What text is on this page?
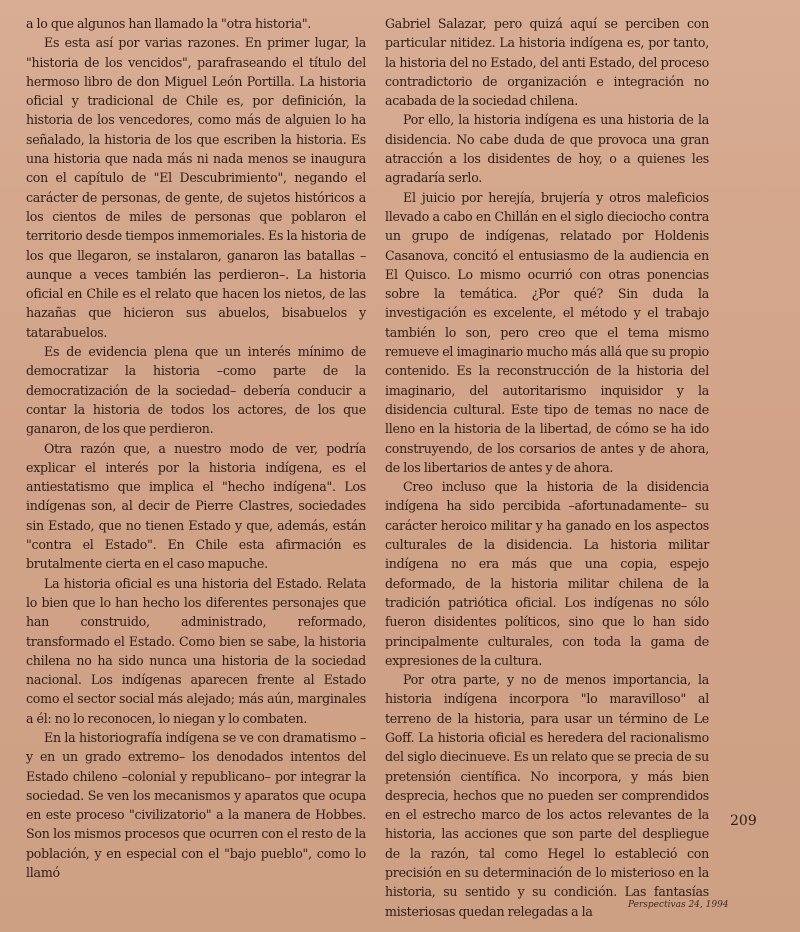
a lo que algunos han llamado la "otra historia".

Es esta así por varias razones. En primer lugar, la "historia de los vencidos", parafraseando el título del hermoso libro de don Miguel León Portilla. La historia oficial y tradicional de Chile es, por definición, la historia de los vencedores, como más de alguien lo ha señalado, la historia de los que escriben la historia. Es una historia que nada más ni nada menos se inaugura con el capítulo de "El Descubrimiento", negando el carácter de personas, de gente, de sujetos históricos a los cientos de miles de personas que poblaron el territorio desde tiempos inmemoriales. Es la historia de los que llegaron, se instalaron, ganaron las batallas –aunque a veces también las perdieron–. La historia oficial en Chile es el relato que hacen los nietos, de las hazañas que hicieron sus abuelos, bisabuelos y tatarabuelos.

Es de evidencia plena que un interés mínimo de democratizar la historia –como parte de la democratización de la sociedad– debería conducir a contar la historia de todos los actores, de los que ganaron, de los que perdieron.

Otra razón que, a nuestro modo de ver, podría explicar el interés por la historia indígena, es el antiestatismo que implica el "hecho indígena". Los indígenas son, al decir de Pierre Clastres, sociedades sin Estado, que no tienen Estado y que, además, están "contra el Estado". En Chile esta afirmación es brutalmente cierta en el caso mapuche.

La historia oficial es una historia del Estado. Relata lo bien que lo han hecho los diferentes personajes que han construido, administrado, reformado, transformado el Estado. Como bien se sabe, la historia chilena no ha sido nunca una historia de la sociedad nacional. Los indígenas aparecen frente al Estado como el sector social más alejado; más aún, marginales a él: no lo reconocen, lo niegan y lo combaten.

En la historiografía indígena se ve con dramatismo –y en un grado extremo– los denodados intentos del Estado chileno –colonial y republicano– por integrar la sociedad. Se ven los mecanismos y aparatos que ocupa en este proceso "civilizatorio" a la manera de Hobbes. Son los mismos procesos que ocurren con el resto de la población, y en especial con el "bajo pueblo", como lo llamó

Gabriel Salazar, pero quizá aquí se perciben con particular nitidez. La historia indígena es, por tanto, la historia del no Estado, del anti Estado, del proceso contradictorio de organización e integración no acabada de la sociedad chilena.

Por ello, la historia indígena es una historia de la disidencia. No cabe duda de que provoca una gran atracción a los disidentes de hoy, o a quienes les agradaría serlo.

El juicio por herejía, brujería y otros maleficios llevado a cabo en Chillán en el siglo dieciocho contra un grupo de indígenas, relatado por Holdenis Casanova, concitó el entusiasmo de la audiencia en El Quisco. Lo mismo ocurrió con otras ponencias sobre la temática. ¿Por qué? Sin duda la investigación es excelente, el método y el trabajo también lo son, pero creo que el tema mismo remueve el imaginario mucho más allá que su propio contenido. Es la reconstrucción de la historia del imaginario, del autoritarismo inquisidor y la disidencia cultural. Este tipo de temas no nace de lleno en la historia de la libertad, de cómo se ha ido construyendo, de los corsarios de antes y de ahora, de los libertarios de antes y de ahora.

Creo incluso que la historia de la disidencia indígena ha sido percibida –afortunadamente– su carácter heroico militar y ha ganado en los aspectos culturales de la disidencia. La historia militar indígena no era más que una copia, espejo deformado, de la historia militar chilena de la tradición patriótica oficial. Los indígenas no sólo fueron disidentes políticos, sino que lo han sido principalmente culturales, con toda la gama de expresiones de la cultura.

Por otra parte, y no de menos importancia, la historia indígena incorpora "lo maravilloso" al terreno de la historia, para usar un término de Le Goff. La historia oficial es heredera del racionalismo del siglo diecinueve. Es un relato que se precia de su pretensión científica. No incorpora, y más bien desprecia, hechos que no pueden ser comprendidos en el estrecho marco de los actos relevantes de la historia, las acciones que son parte del despliegue de la razón, tal como Hegel lo estableció con precisión en su determinación de lo misterioso en la historia, su sentido y su condición. Las fantasías misteriosas quedan relegadas a la

209
Perspectivas 24, 1994
